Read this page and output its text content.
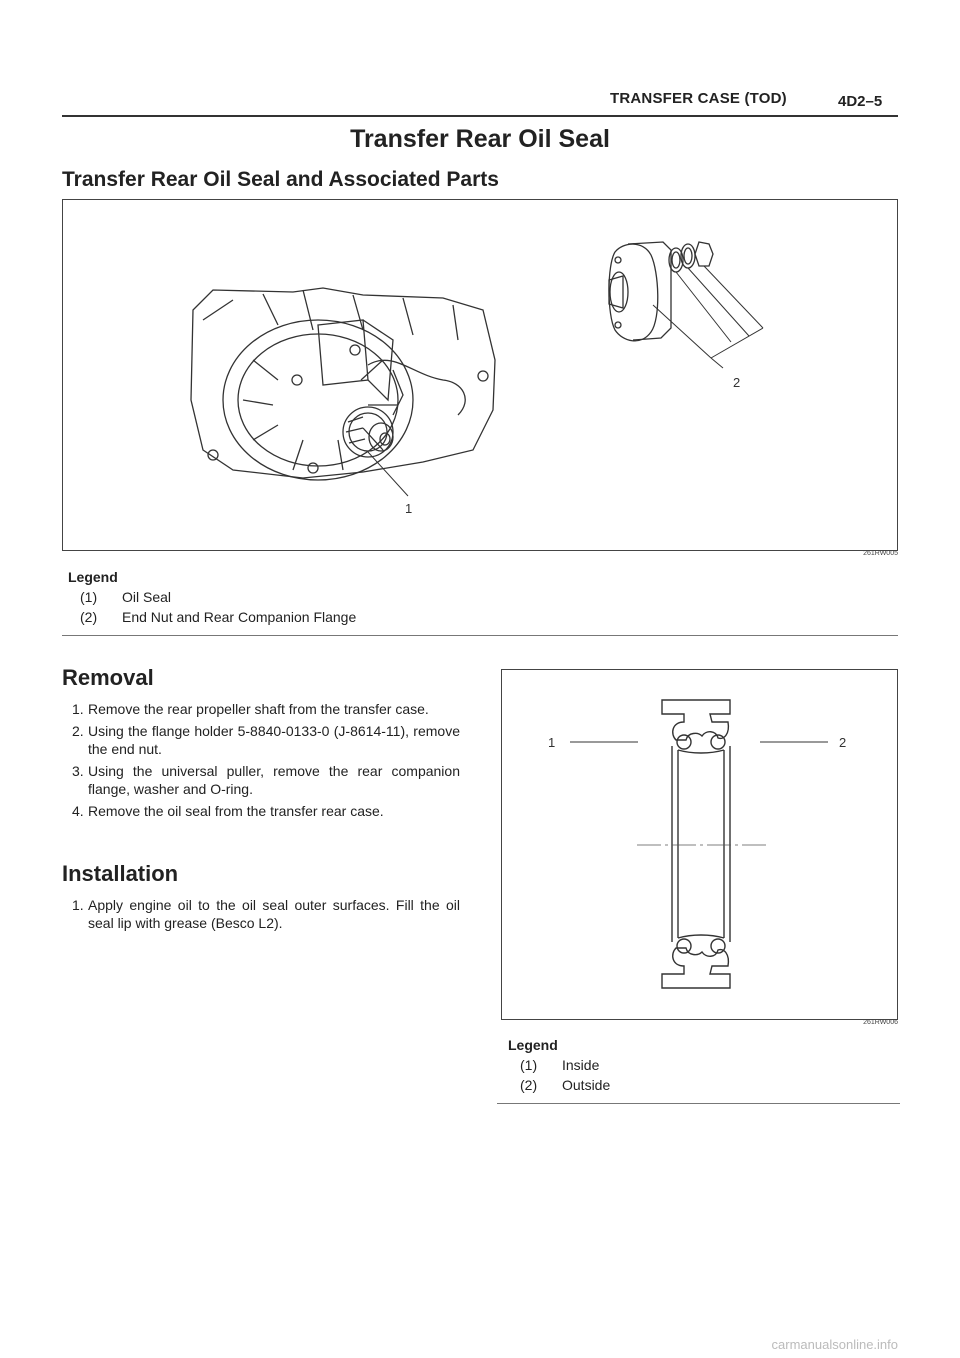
TRANSFER CASE (TOD)	4D2–5
Transfer Rear Oil Seal
Transfer Rear Oil Seal and Associated Parts
1
2
261RW005
Legend
(1) Oil Seal
(2) End Nut and Rear Companion Flange
Removal
1. Remove the rear propeller shaft from the transfer case.
2. Using the flange holder 5-8840-0133-0 (J-8614-11), remove the end nut.
3. Using the universal puller, remove the rear companion flange, washer and O-ring.
4. Remove the oil seal from the transfer rear case.
Installation
1. Apply engine oil to the oil seal outer surfaces. Fill the oil seal lip with grease (Besco L2).
1	2
261RW006
Legend
(1) Inside
(2) Outside
carmanualsonline.info
